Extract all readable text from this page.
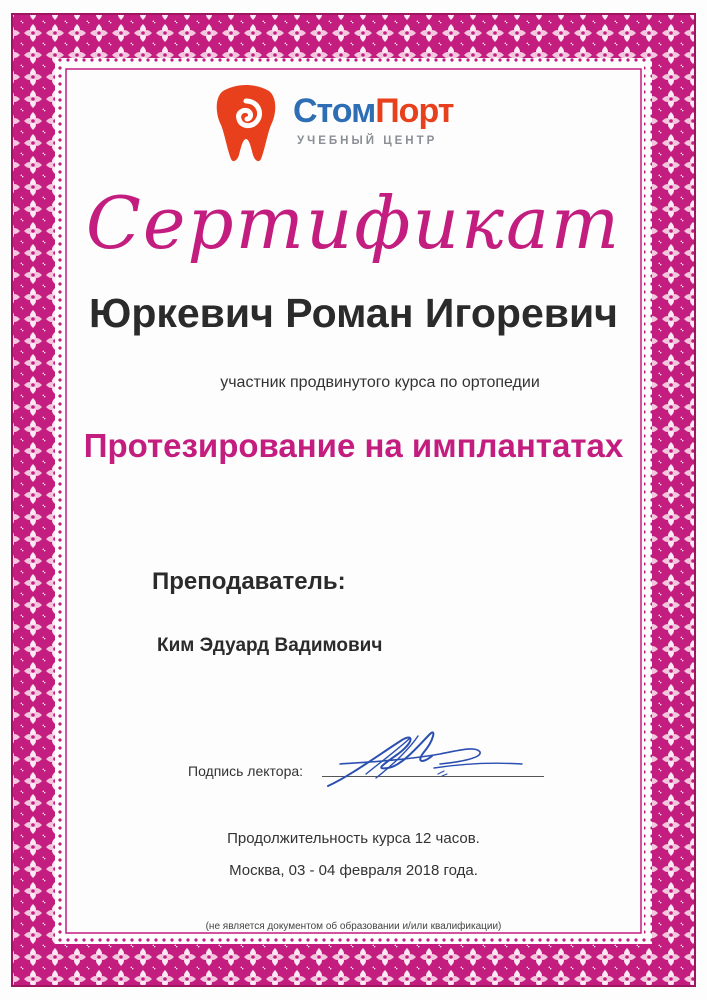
СтомПорт
УЧЕБНЫЙ ЦЕНТР
Сертификат
Юркевич Роман Игоревич
участник продвинутого курса по ортопедии
Протезирование на имплантатах
Преподаватель:
Ким Эдуард Вадимович
Подпись лектора:
Продолжительность курса 12 часов.
Москва, 03 - 04 февраля 2018 года.
(не является документом об образовании и/или квалификации)
